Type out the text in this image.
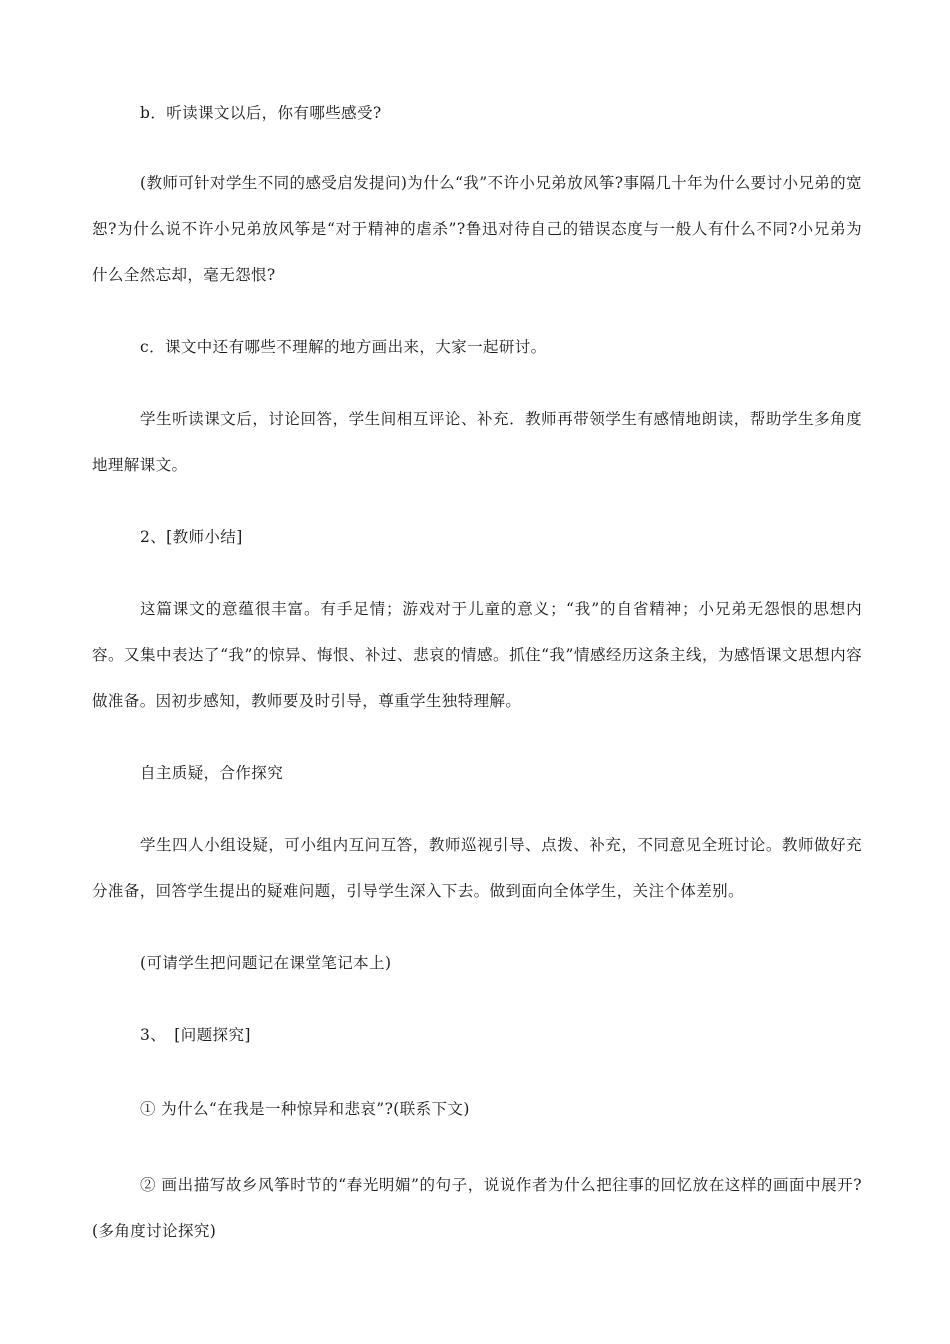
b．听读课文以后，你有哪些感受?

(教师可针对学生不同的感受启发提问)为什么“我”不许小兄弟放风筝?事隔几十年为什么要讨小兄弟的宽恕?为什么说不许小兄弟放风筝是“对于精神的虐杀”?鲁迅对待自己的错误态度与一般人有什么不同?小兄弟为什么全然忘却，毫无怨恨?

c．课文中还有哪些不理解的地方画出来，大家一起研讨。

学生听读课文后，讨论回答，学生间相互评论、补充．教师再带领学生有感情地朗读，帮助学生多角度地理解课文。

2、[教师小结]

这篇课文的意蕴很丰富。有手足情；游戏对于儿童的意义；“我”的自省精神；小兄弟无怨恨的思想内容。又集中表达了“我”的惊异、悔恨、补过、悲哀的情感。抓住“我”情感经历这条主线，为感悟课文思想内容做准备。因初步感知，教师要及时引导，尊重学生独特理解。

自主质疑，合作探究

学生四人小组设疑，可小组内互问互答，教师巡视引导、点拨、补充，不同意见全班讨论。教师做好充分准备，回答学生提出的疑难问题，引导学生深入下去。做到面向全体学生，关注个体差别。

(可请学生把问题记在课堂笔记本上)

3、　[问题探究]

① 为什么“在我是一种惊异和悲哀”?(联系下文)

② 画出描写故乡风筝时节的“春光明媚”的句子，说说作者为什么把往事的回忆放在这样的画面中展开?(多角度讨论探究)
